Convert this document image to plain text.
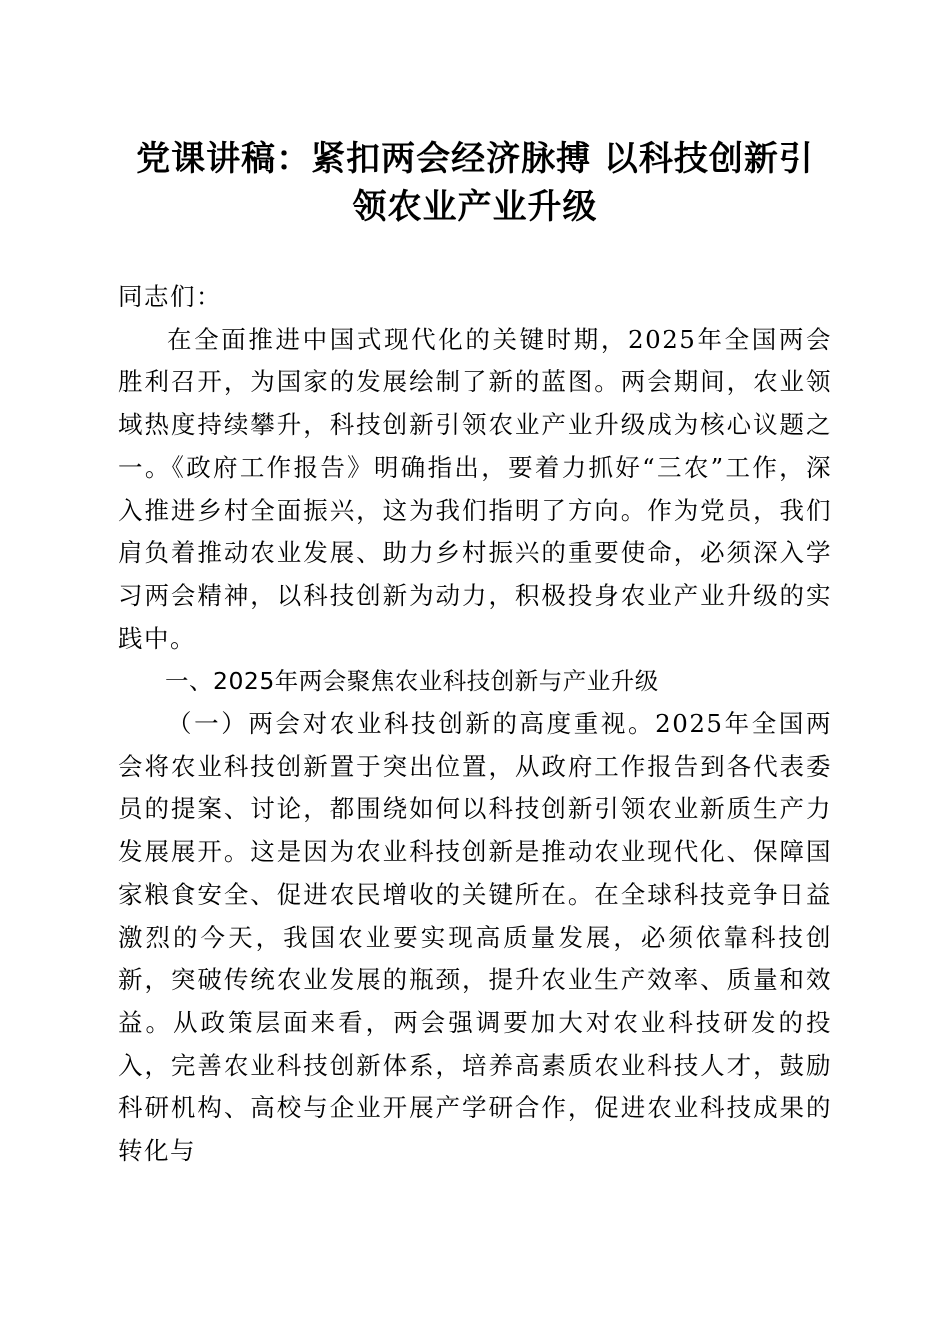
党课讲稿：紧扣两会经济脉搏 以科技创新引
领农业产业升级

同志们：

在全面推进中国式现代化的关键时期，2025年全国两会胜利召开，为国家的发展绘制了新的蓝图。两会期间，农业领域热度持续攀升，科技创新引领农业产业升级成为核心议题之一。《政府工作报告》明确指出，要着力抓好“三农”工作，深入推进乡村全面振兴，这为我们指明了方向。作为党员，我们肩负着推动农业发展、助力乡村振兴的重要使命，必须深入学习两会精神，以科技创新为动力，积极投身农业产业升级的实践中。

一、2025年两会聚焦农业科技创新与产业升级

（一）两会对农业科技创新的高度重视。2025年全国两会将农业科技创新置于突出位置，从政府工作报告到各代表委员的提案、讨论，都围绕如何以科技创新引领农业新质生产力发展展开。这是因为农业科技创新是推动农业现代化、保障国家粮食安全、促进农民增收的关键所在。在全球科技竞争日益激烈的今天，我国农业要实现高质量发展，必须依靠科技创新，突破传统农业发展的瓶颈，提升农业生产效率、质量和效益。从政策层面来看，两会强调要加大对农业科技研发的投入，完善农业科技创新体系，培养高素质农业科技人才，鼓励科研机构、高校与企业开展产学研合作，促进农业科技成果的转化与
